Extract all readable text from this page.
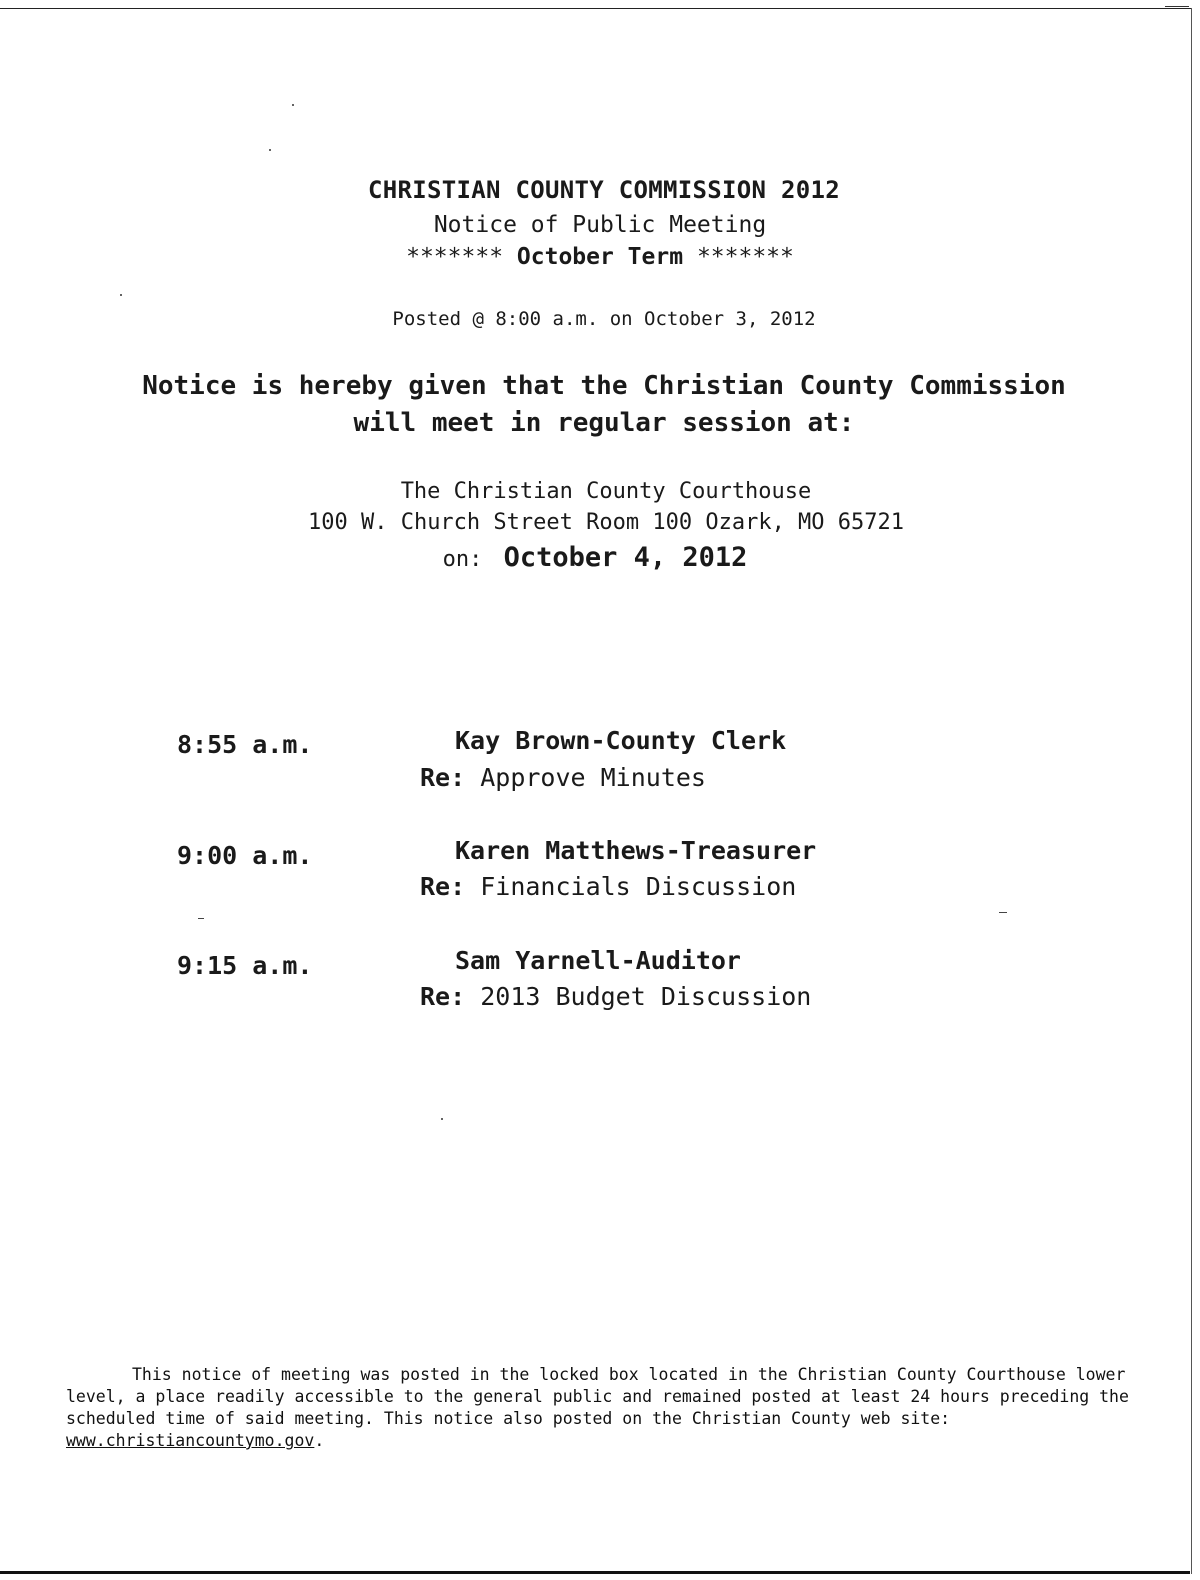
CHRISTIAN COUNTY COMMISSION 2012
Notice of Public Meeting
******* October Term *******
Posted @ 8:00 a.m. on October 3, 2012
Notice is hereby given that the Christian County Commission
will meet in regular session at:
The Christian County Courthouse
100 W. Church Street Room 100 Ozark, MO 65721
on: October 4, 2012
8:55 a.m.	Kay Brown-County Clerk
Re: Approve Minutes
9:00 a.m.	Karen Matthews-Treasurer
Re: Financials Discussion
9:15 a.m.	Sam Yarnell-Auditor
Re: 2013 Budget Discussion
This notice of meeting was posted in the locked box located in the Christian County Courthouse lower level, a place readily accessible to the general public and remained posted at least 24 hours preceding the scheduled time of said meeting. This notice also posted on the Christian County web site: www.christiancountymo.gov.
